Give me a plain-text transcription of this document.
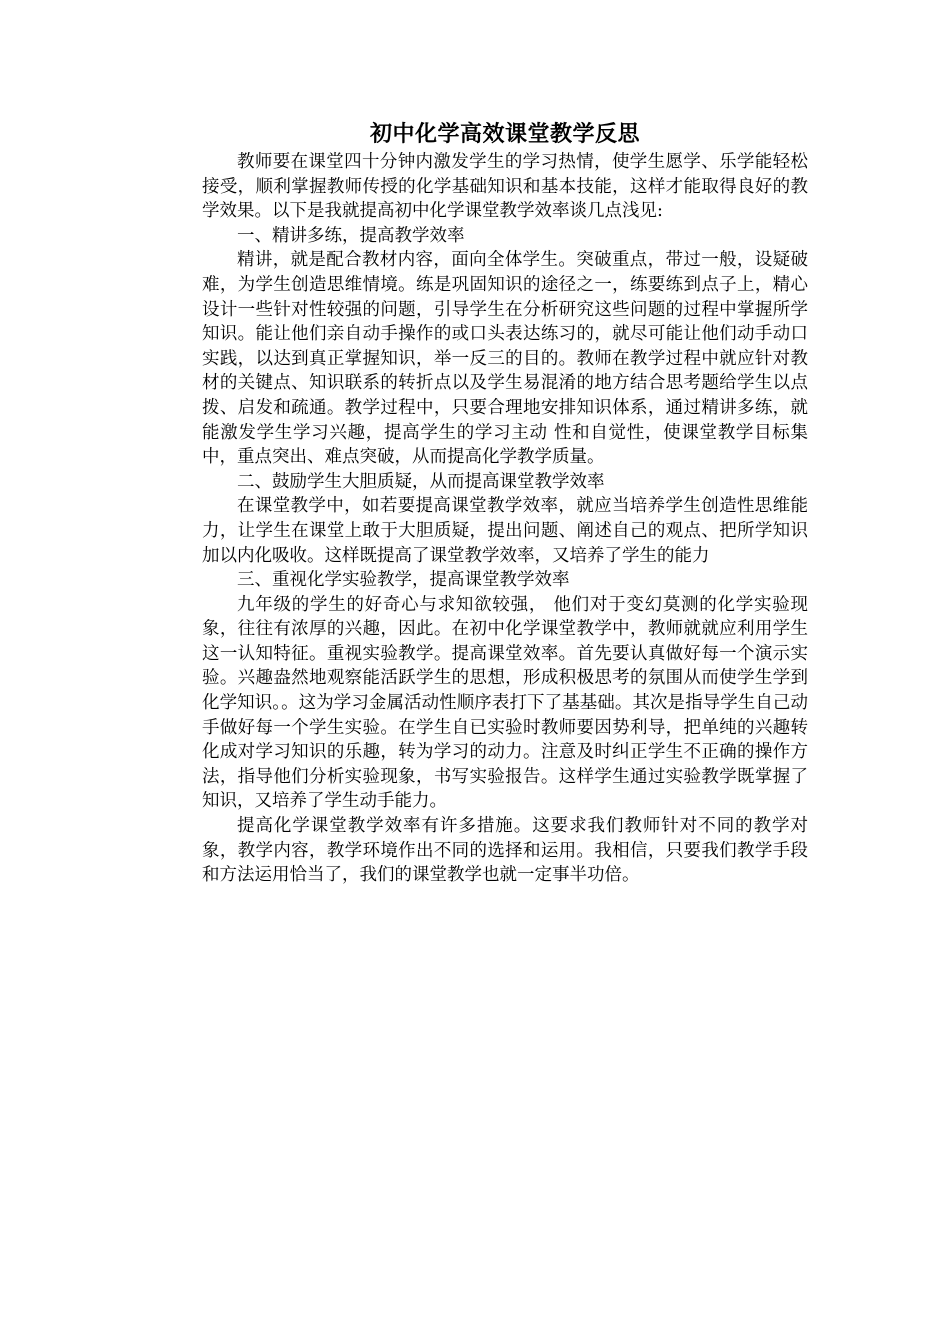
初中化学高效课堂教学反思

教师要在课堂四十分钟内激发学生的学习热情，使学生愿学、乐学能轻松接受，顺利掌握教师传授的化学基础知识和基本技能，这样才能取得良好的教学效果。以下是我就提高初中化学课堂教学效率谈几点浅见:

一、精讲多练，提高教学效率

精讲，就是配合教材内容，面向全体学生。突破重点，带过一般，设疑破难，为学生创造思维情境。练是巩固知识的途径之一，练要练到点子上，精心设计一些针对性较强的问题，引导学生在分析研究这些问题的过程中掌握所学知识。能让他们亲自动手操作的或口头表达练习的，就尽可能让他们动手动口实践，以达到真正掌握知识，举一反三的目的。教师在教学过程中就应针对教材的关键点、知识联系的转折点以及学生易混淆的地方结合思考题给学生以点拨、启发和疏通。教学过程中，只要合理地安排知识体系，通过精讲多练，就能激发学生学习兴趣，提高学生的学习主动 性和自觉性，使课堂教学目标集中，重点突出、难点突破，从而提高化学教学质量。

二、鼓励学生大胆质疑，从而提高课堂教学效率

在课堂教学中，如若要提高课堂教学效率，就应当培养学生创造性思维能力，让学生在课堂上敢于大胆质疑，提出问题、阐述自己的观点、把所学知识加以内化吸收。这样既提高了课堂教学效率，又培养了学生的能力

三、重视化学实验教学，提高课堂教学效率

九年级的学生的好奇心与求知欲较强， 他们对于变幻莫测的化学实验现象，往往有浓厚的兴趣，因此。在初中化学课堂教学中，教师就就应利用学生这一认知特征。重视实验教学。提高课堂效率。首先要认真做好每一个演示实验。兴趣盎然地观察能活跃学生的思想，形成积极思考的氛围从而使学生学到化学知识。。这为学习金属活动性顺序表打下了基基础。其次是指导学生自己动手做好每一个学生实验。在学生自已实验时教师要因势利导，把单纯的兴趣转化成对学习知识的乐趣，转为学习的动力。注意及时纠正学生不正确的操作方法，指导他们分析实验现象，书写实验报告。这样学生通过实验教学既掌握了知识，又培养了学生动手能力。

提高化学课堂教学效率有许多措施。这要求我们教师针对不同的教学对象，教学内容，教学环境作出不同的选择和运用。我相信，只要我们教学手段和方法运用恰当了，我们的课堂教学也就一定事半功倍。
